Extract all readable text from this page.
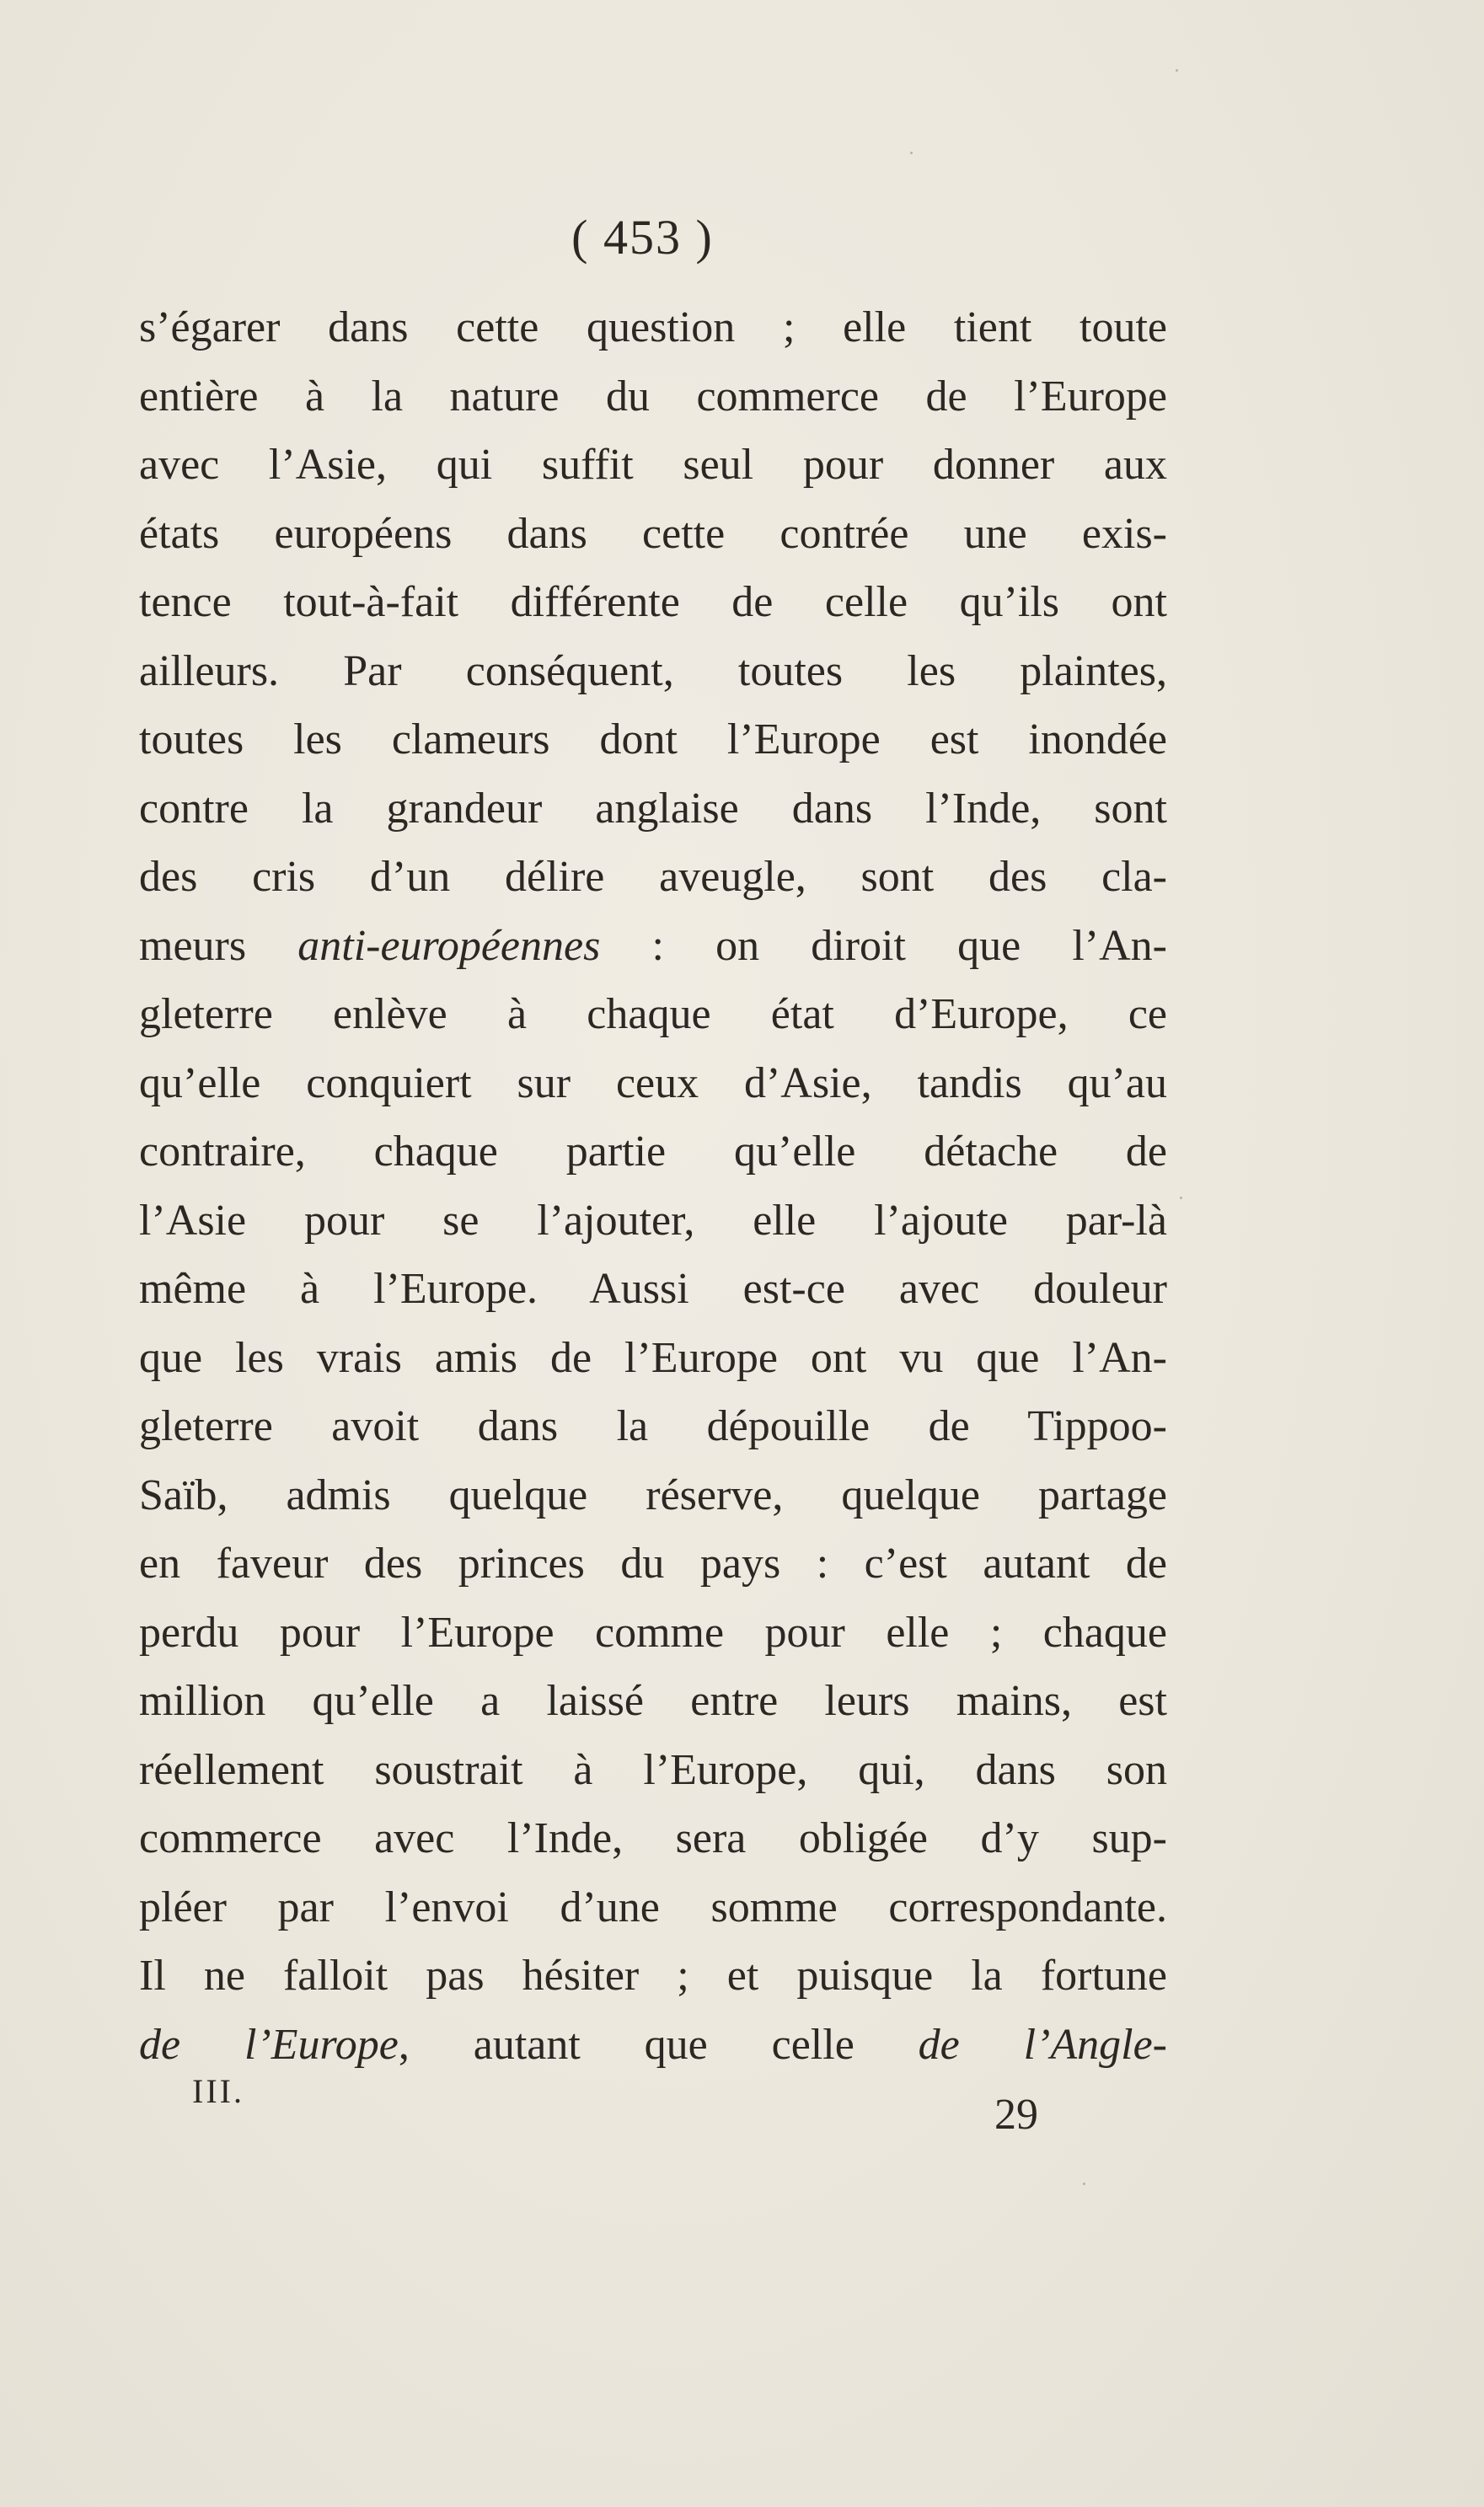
( 453 )
s’égarer dans cette question ; elle tient toute
entière à la nature du commerce de l’Europe
avec l’Asie, qui suffit seul pour donner aux
états européens dans cette contrée une exis-
tence tout-à-fait différente de celle qu’ils ont
ailleurs. Par conséquent, toutes les plaintes,
toutes les clameurs dont l’Europe est inondée
contre la grandeur anglaise dans l’Inde, sont
des cris d’un délire aveugle, sont des cla-
meurs anti-européennes : on diroit que l’An-
gleterre enlève à chaque état d’Europe, ce
qu’elle conquiert sur ceux d’Asie, tandis qu’au
contraire, chaque partie qu’elle détache de
l’Asie pour se l’ajouter, elle l’ajoute par-là
même à l’Europe. Aussi est-ce avec douleur
que les vrais amis de l’Europe ont vu que l’An-
gleterre avoit dans la dépouille de Tippoo-
Saïb, admis quelque réserve, quelque partage
en faveur des princes du pays : c’est autant de
perdu pour l’Europe comme pour elle ; chaque
million qu’elle a laissé entre leurs mains, est
réellement soustrait à l’Europe, qui, dans son
commerce avec l’Inde, sera obligée d’y sup-
pléer par l’envoi d’une somme correspondante.
Il ne falloit pas hésiter ; et puisque la fortune
de l’Europe, autant que celle de l’Angle-
III.	29
